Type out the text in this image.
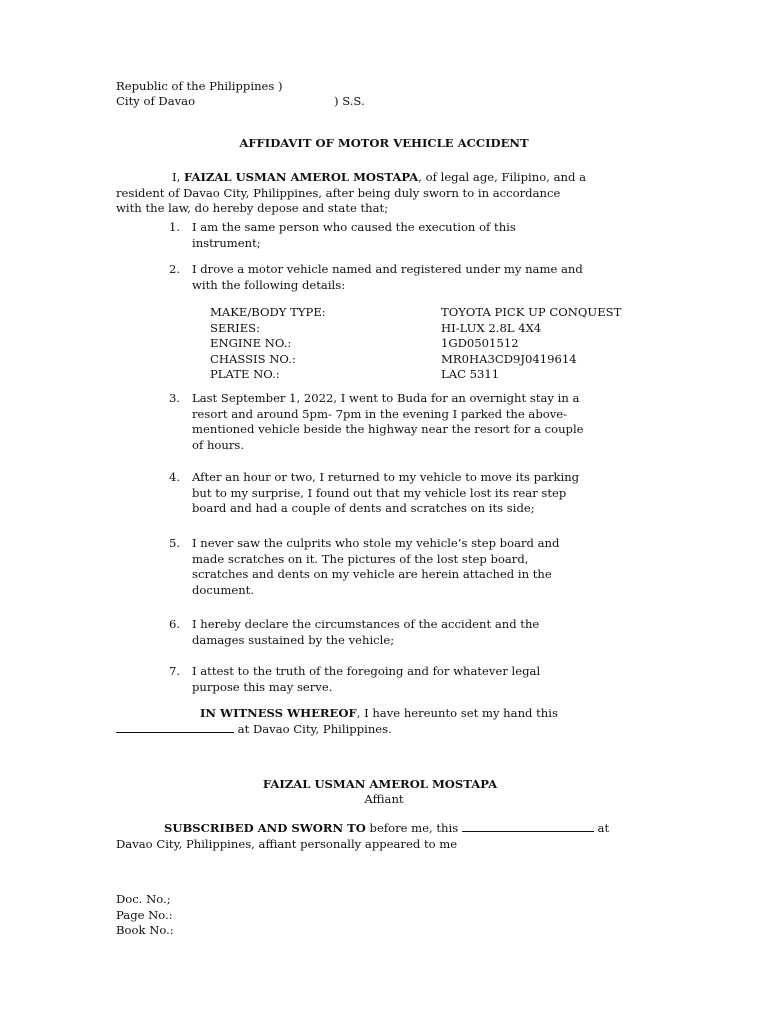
Republic of the Philippines )
City of Davao	) S.S.
AFFIDAVIT OF MOTOR VEHICLE ACCIDENT
I, FAIZAL USMAN AMEROL MOSTAPA, of legal age, Filipino, and a
resident of Davao City, Philippines, after being duly sworn to in accordance
with the law, do hereby depose and state that;
1. I am the same person who caused the execution of this
instrument;
2. I drove a motor vehicle named and registered under my name and
with the following details:
MAKE/BODY TYPE:
SERIES:
ENGINE NO.:
CHASSIS NO.:
PLATE NO.:
TOYOTA PICK UP CONQUEST
HI-LUX 2.8L 4X4
1GD0501512
MR0HA3CD9J0419614
LAC 5311
3. Last September 1, 2022, I went to Buda for an overnight stay in a
resort and around 5pm- 7pm in the evening I parked the above-
mentioned vehicle beside the highway near the resort for a couple
of hours.
4. After an hour or two, I returned to my vehicle to move its parking
but to my surprise, I found out that my vehicle lost its rear step
board and had a couple of dents and scratches on its side;
5. I never saw the culprits who stole my vehicle’s step board and
made scratches on it. The pictures of the lost step board,
scratches and dents on my vehicle are herein attached in the
document.
6. I hereby declare the circumstances of the accident and the
damages sustained by the vehicle;
7. I attest to the truth of the foregoing and for whatever legal
purpose this may serve.
IN WITNESS WHEREOF, I have hereunto set my hand this
at Davao City, Philippines.
FAIZAL USMAN AMEROL MOSTAPA
Affiant
SUBSCRIBED AND SWORN TO before me, this	at
Davao City, Philippines, affiant personally appeared to me
Doc. No.;
Page No.:
Book No.:
